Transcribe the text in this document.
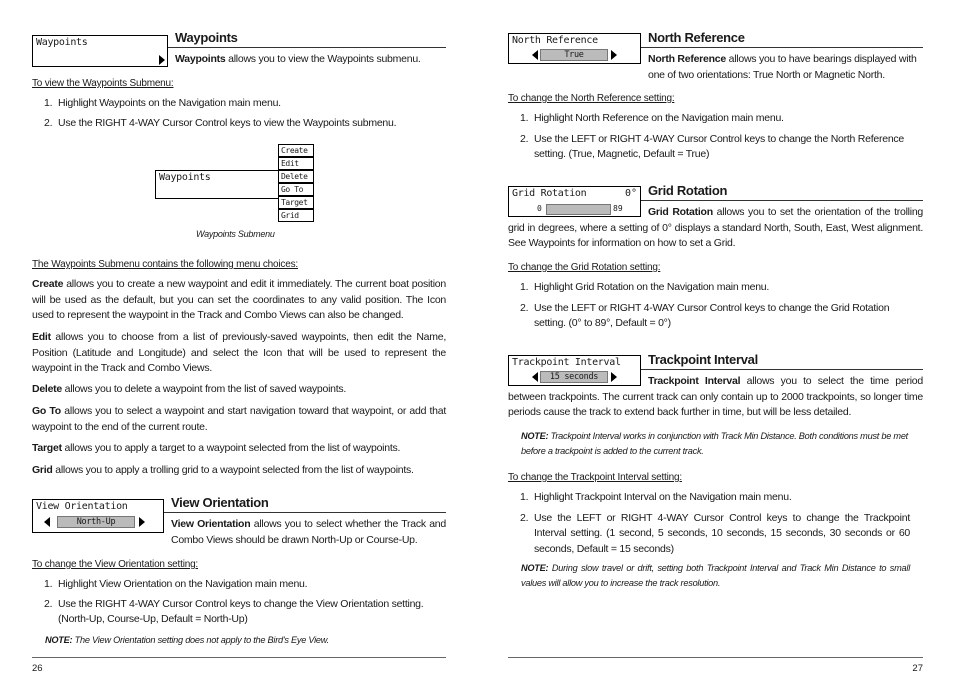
Waypoints	Waypoints
Waypoints allows you to view the Waypoints submenu.
To view the Waypoints Submenu:
1. Highlight Waypoints on the Navigation main menu.
2. Use the RIGHT 4-WAY Cursor Control keys to view the Waypoints submenu.
Waypoints
Create
Edit
Delete
Go To
Target
Grid
Waypoints Submenu
The Waypoints Submenu contains the following menu choices:
Create allows you to create a new waypoint and edit it immediately. The current boat position will be used as the default, but you can set the coordinates to any valid position. The Icon used to represent the waypoint in the Track and Combo Views can also be changed.
Edit allows you to choose from a list of previously-saved waypoints, then edit the Name, Position (Latitude and Longitude) and select the Icon that will be used to represent the waypoint in the Track and Combo Views.
Delete allows you to delete a waypoint from the list of saved waypoints.
Go To allows you to select a waypoint and start navigation toward that waypoint, or add that waypoint to the end of the current route.
Target allows you to apply a target to a waypoint selected from the list of waypoints.
Grid allows you to apply a trolling grid to a waypoint selected from the list of waypoints.
View Orientation
North-Up
View Orientation
View Orientation allows you to select whether the Track and Combo Views should be drawn North-Up or Course-Up.
To change the View Orientation setting:
1. Highlight View Orientation on the Navigation main menu.
2. Use the RIGHT 4-WAY Cursor Control keys to change the View Orientation setting. (North-Up, Course-Up, Default = North-Up)
NOTE: The View Orientation setting does not apply to the Bird's Eye View.
26
North Reference
True
North Reference
North Reference allows you to have bearings displayed with one of two orientations: True North or Magnetic North.
To change the North Reference setting:
1. Highlight North Reference on the Navigation main menu.
2. Use the LEFT or RIGHT 4-WAY Cursor Control keys to change the North Reference setting. (True, Magnetic, Default = True)
Grid Rotation	0°
0	89
Grid Rotation
Grid Rotation allows you to set the orientation of the trolling grid in degrees, where a setting of 0° displays a standard North, South, East, West alignment. See Waypoints for information on how to set a Grid.
To change the Grid Rotation setting:
1. Highlight Grid Rotation on the Navigation main menu.
2. Use the LEFT or RIGHT 4-WAY Cursor Control keys to change the Grid Rotation setting. (0° to 89°, Default = 0°)
Trackpoint Interval
15 seconds
Trackpoint Interval
Trackpoint Interval allows you to select the time period between trackpoints. The current track can only contain up to 2000 trackpoints, so longer time periods cause the track to extend back further in time, but will be less detailed.
NOTE: Trackpoint Interval works in conjunction with Track Min Distance. Both conditions must be met before a trackpoint is added to the current track.
To change the Trackpoint Interval setting:
1. Highlight Trackpoint Interval on the Navigation main menu.
2. Use the LEFT or RIGHT 4-WAY Cursor Control keys to change the Trackpoint Interval setting. (1 second, 5 seconds, 10 seconds, 15 seconds, 30 seconds or 60 seconds, Default = 15 seconds)
NOTE: During slow travel or drift, setting both Trackpoint Interval and Track Min Distance to small values will allow you to increase the track resolution.
27
